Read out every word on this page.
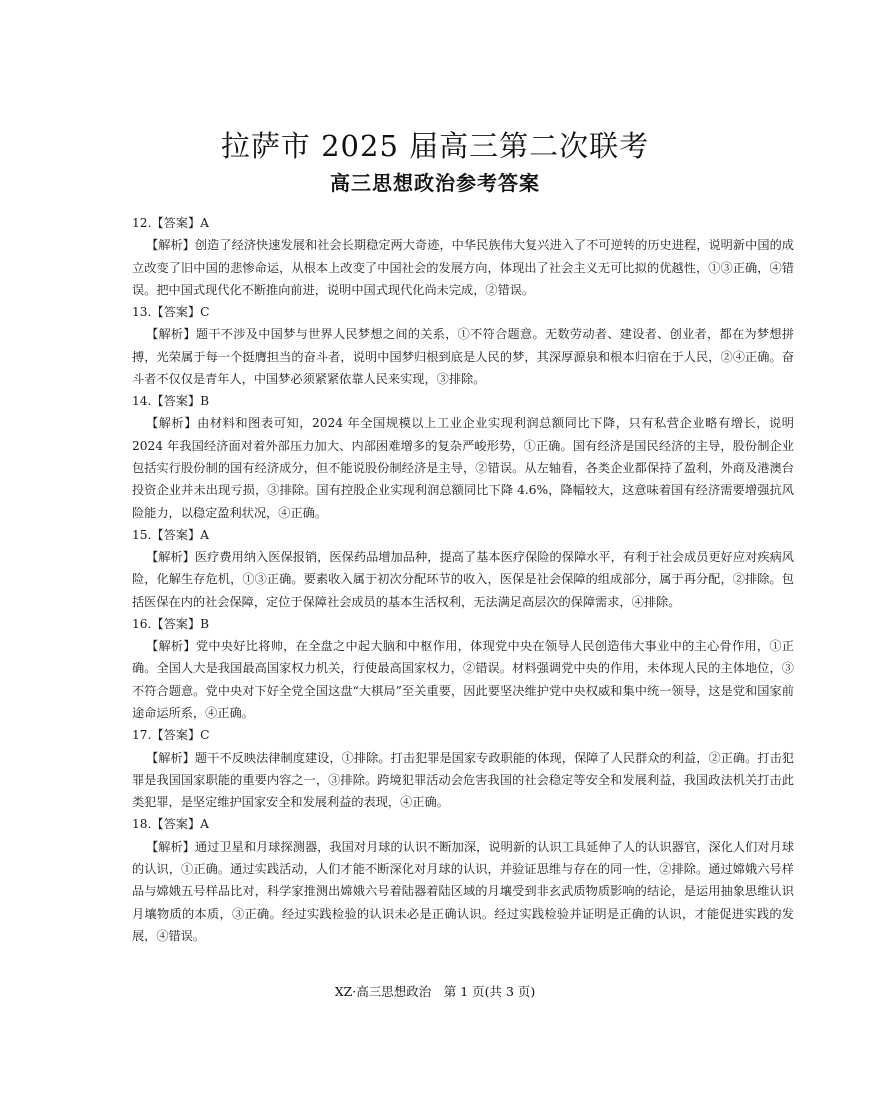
拉萨市 2025 届高三第二次联考
高三思想政治参考答案
12.【答案】A

【解析】创造了经济快速发展和社会长期稳定两大奇迹，中华民族伟大复兴进入了不可逆转的历史进程，说明新中国的成立改变了旧中国的悲惨命运，从根本上改变了中国社会的发展方向，体现出了社会主义无可比拟的优越性，①③正确，④错误。把中国式现代化不断推向前进，说明中国式现代化尚未完成，②错误。

13.【答案】C

【解析】题干不涉及中国梦与世界人民梦想之间的关系，①不符合题意。无数劳动者、建设者、创业者，都在为梦想拼搏，光荣属于每一个挺膺担当的奋斗者，说明中国梦归根到底是人民的梦，其深厚源泉和根本归宿在于人民，②④正确。奋斗者不仅仅是青年人，中国梦必须紧紧依靠人民来实现，③排除。

14.【答案】B

【解析】由材料和图表可知，2024 年全国规模以上工业企业实现利润总额同比下降，只有私营企业略有增长，说明 2024 年我国经济面对着外部压力加大、内部困难增多的复杂严峻形势，①正确。国有经济是国民经济的主导，股份制企业包括实行股份制的国有经济成分，但不能说股份制经济是主导，②错误。从左轴看，各类企业都保持了盈利，外商及港澳台投资企业并未出现亏损，③排除。国有控股企业实现利润总额同比下降 4.6%，降幅较大，这意味着国有经济需要增强抗风险能力，以稳定盈利状况，④正确。

15.【答案】A

【解析】医疗费用纳入医保报销，医保药品增加品种，提高了基本医疗保险的保障水平，有利于社会成员更好应对疾病风险，化解生存危机，①③正确。要素收入属于初次分配环节的收入，医保是社会保障的组成部分，属于再分配，②排除。包括医保在内的社会保障，定位于保障社会成员的基本生活权利，无法满足高层次的保障需求，④排除。

16.【答案】B

【解析】党中央好比将帅，在全盘之中起大脑和中枢作用，体现党中央在领导人民创造伟大事业中的主心骨作用，①正确。全国人大是我国最高国家权力机关，行使最高国家权力，②错误。材料强调党中央的作用，未体现人民的主体地位，③不符合题意。党中央对下好全党全国这盘“大棋局”至关重要，因此要坚决维护党中央权威和集中统一领导，这是党和国家前途命运所系，④正确。

17.【答案】C

【解析】题干不反映法律制度建设，①排除。打击犯罪是国家专政职能的体现，保障了人民群众的利益，②正确。打击犯罪是我国国家职能的重要内容之一，③排除。跨境犯罪活动会危害我国的社会稳定等安全和发展利益，我国政法机关打击此类犯罪，是坚定维护国家安全和发展利益的表现，④正确。

18.【答案】A

【解析】通过卫星和月球探测器，我国对月球的认识不断加深，说明新的认识工具延伸了人的认识器官，深化人们对月球的认识，①正确。通过实践活动，人们才能不断深化对月球的认识，并验证思维与存在的同一性，②排除。通过嫦娥六号样品与嫦娥五号样品比对，科学家推测出嫦娥六号着陆器着陆区域的月壤受到非玄武质物质影响的结论，是运用抽象思维认识月壤物质的本质，③正确。经过实践检验的认识未必是正确认识。经过实践检验并证明是正确的认识，才能促进实践的发展，④错误。

XZ·高三思想政治　第 1 页(共 3 页)
